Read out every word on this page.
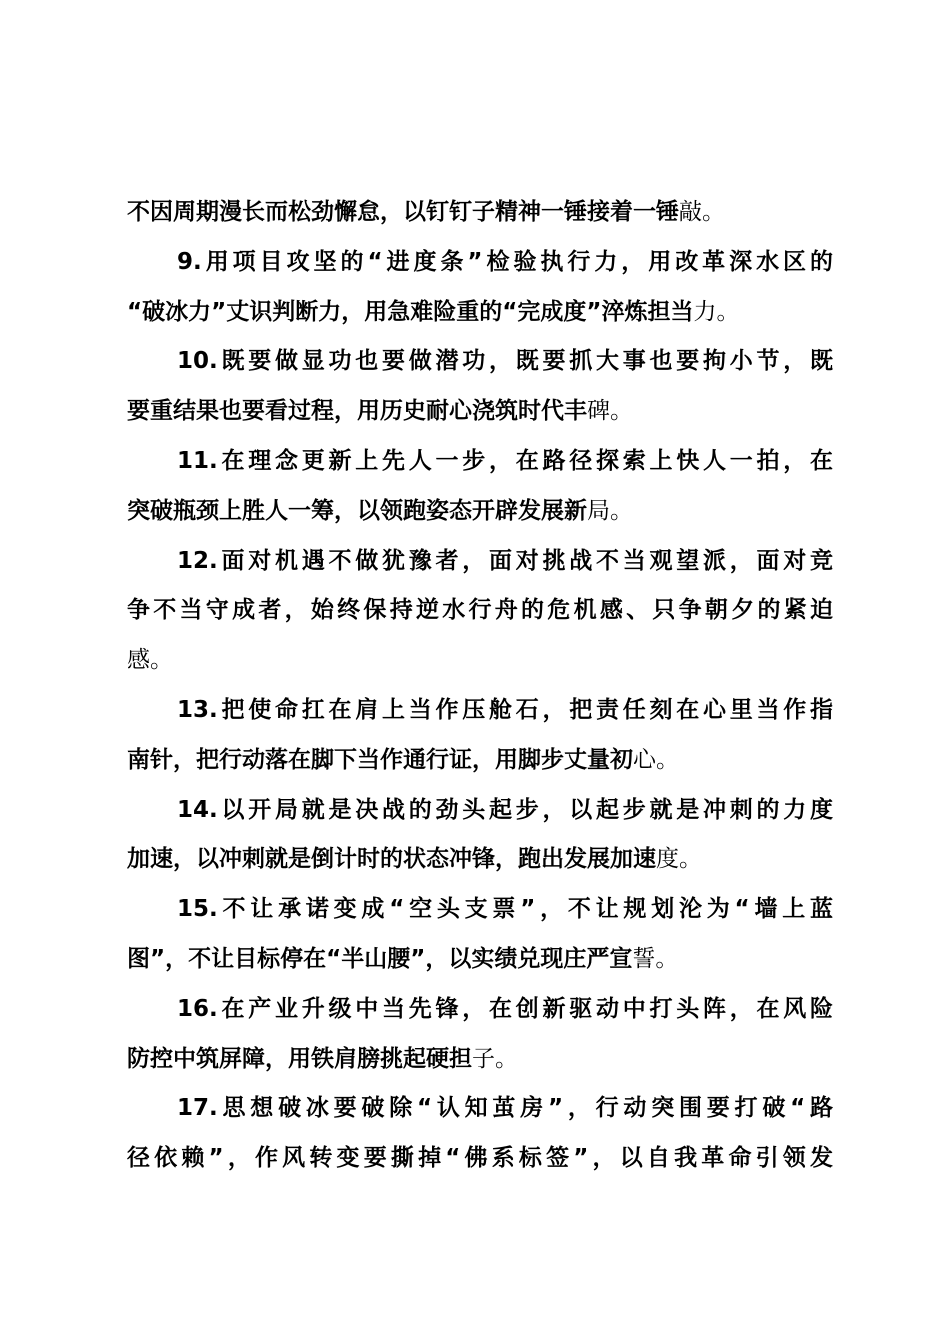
不因周期漫长而松劲懈怠，以钉钉子精神一锤接着一锤敲。
9.用项目攻坚的“进度条”检验执行力，用改革深水区的
“破冰力”丈识判断力，用急难险重的“完成度”淬炼担当力。
10.既要做显功也要做潜功，既要抓大事也要拘小节，既
要重结果也要看过程，用历史耐心浇筑时代丰碑。
11.在理念更新上先人一步，在路径探索上快人一拍，在
突破瓶颈上胜人一筹，以领跑姿态开辟发展新局。
12.面对机遇不做犹豫者，面对挑战不当观望派，面对竞
争不当守成者，始终保持逆水行舟的危机感、只争朝夕的紧迫
感。
13.把使命扛在肩上当作压舱石，把责任刻在心里当作指
南针，把行动落在脚下当作通行证，用脚步丈量初心。
14.以开局就是决战的劲头起步，以起步就是冲刺的力度
加速，以冲刺就是倒计时的状态冲锋，跑出发展加速度。
15.不让承诺变成“空头支票”，不让规划沦为“墙上蓝
图”，不让目标停在“半山腰”，以实绩兑现庄严宣誓。
16.在产业升级中当先锋，在创新驱动中打头阵，在风险
防控中筑屏障，用铁肩膀挑起硬担子。
17.思想破冰要破除“认知茧房”，行动突围要打破“路
径依赖”，作风转变要撕掉“佛系标签”，以自我革命引领发
